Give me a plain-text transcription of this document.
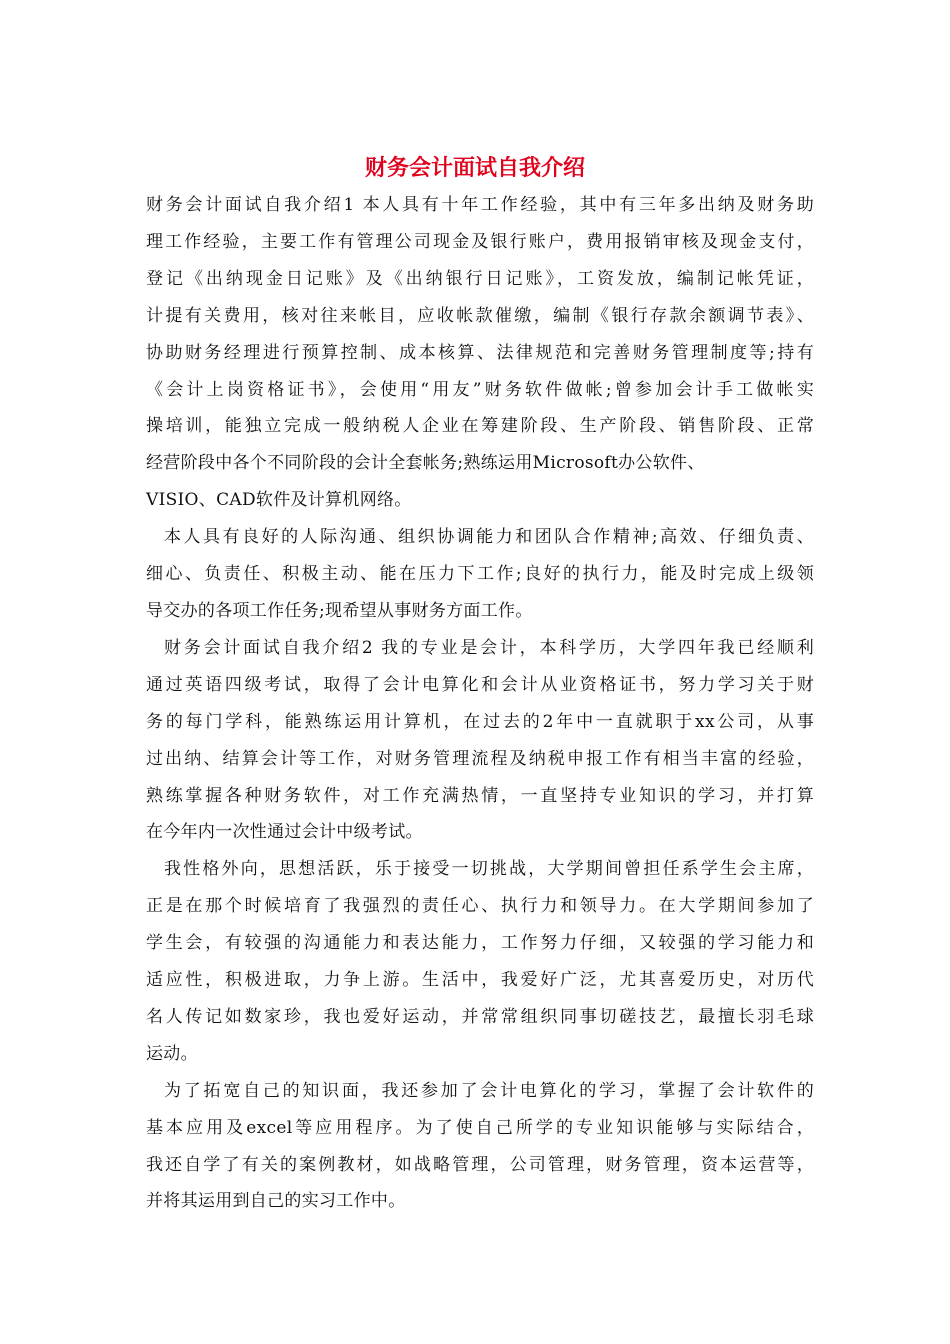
财务会计面试自我介绍

财务会计面试自我介绍1 本人具有十年工作经验，其中有三年多出纳及财务助
理工作经验，主要工作有管理公司现金及银行账户，费用报销审核及现金支付，
登记《出纳现金日记账》及《出纳银行日记账》，工资发放，编制记帐凭证，
计提有关费用，核对往来帐目，应收帐款催缴，编制《银行存款余额调节表》、
协助财务经理进行预算控制、成本核算、法律规范和完善财务管理制度等;持有
《会计上岗资格证书》，会使用“用友”财务软件做帐;曾参加会计手工做帐实
操培训，能独立完成一般纳税人企业在筹建阶段、生产阶段、销售阶段、正常
经营阶段中各个不同阶段的会计全套帐务;熟练运用Microsoft办公软件、
VISIO、CAD软件及计算机网络。

本人具有良好的人际沟通、组织协调能力和团队合作精神;高效、仔细负责、
细心、负责任、积极主动、能在压力下工作;良好的执行力，能及时完成上级领
导交办的各项工作任务;现希望从事财务方面工作。

财务会计面试自我介绍2 我的专业是会计，本科学历，大学四年我已经顺利
通过英语四级考试，取得了会计电算化和会计从业资格证书，努力学习关于财
务的每门学科，能熟练运用计算机，在过去的2年中一直就职于xx公司，从事
过出纳、结算会计等工作，对财务管理流程及纳税申报工作有相当丰富的经验，
熟练掌握各种财务软件，对工作充满热情，一直坚持专业知识的学习，并打算
在今年内一次性通过会计中级考试。

我性格外向，思想活跃，乐于接受一切挑战，大学期间曾担任系学生会主席，
正是在那个时候培育了我强烈的责任心、执行力和领导力。在大学期间参加了
学生会，有较强的沟通能力和表达能力，工作努力仔细，又较强的学习能力和
适应性，积极进取，力争上游。生活中，我爱好广泛，尤其喜爱历史，对历代
名人传记如数家珍，我也爱好运动，并常常组织同事切磋技艺，最擅长羽毛球
运动。

为了拓宽自己的知识面，我还参加了会计电算化的学习，掌握了会计软件的
基本应用及excel等应用程序。为了使自己所学的专业知识能够与实际结合，
我还自学了有关的案例教材，如战略管理，公司管理，财务管理，资本运营等，
并将其运用到自己的实习工作中。
